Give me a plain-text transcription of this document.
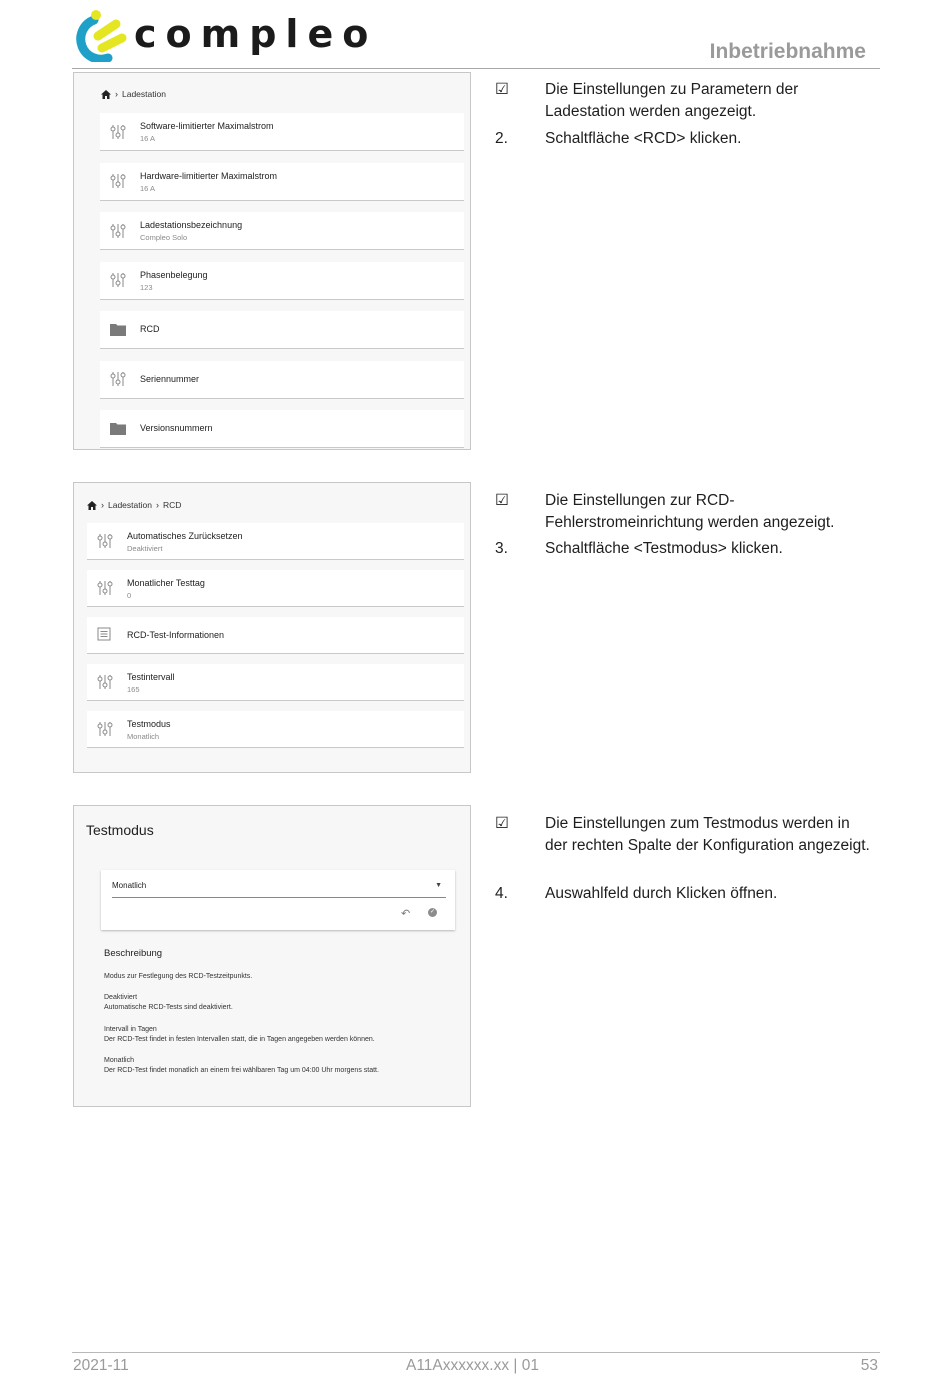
compleo	Inbetriebnahme
› Ladestation
Software-limitierter Maximalstrom
16 A
Hardware-limitierter Maximalstrom
16 A
Ladestationsbezeichnung
Compleo Solo
Phasenbelegung
123
RCD
Seriennummer
Versionsnummern
› Ladestation › RCD
Automatisches Zurücksetzen
Deaktiviert
Monatlicher Testtag
0
RCD-Test-Informationen
Testintervall
165
Testmodus
Monatlich
Testmodus
Monatlich	▼
↶	✓
Beschreibung
Modus zur Festlegung des RCD-Testzeitpunkts.
Deaktiviert
Automatische RCD-Tests sind deaktiviert.
Intervall in Tagen
Der RCD-Test findet in festen Intervallen statt, die in Tagen angegeben werden können.
Monatlich
Der RCD-Test findet monatlich an einem frei wählbaren Tag um 04:00 Uhr morgens statt.
☑	Die Einstellungen zu Parametern der Ladestation werden angezeigt.
2.	Schaltfläche <RCD> klicken.
☑	Die Einstellungen zur RCD-Fehlerstromeinrichtung werden angezeigt.
3.	Schaltfläche <Testmodus> klicken.
☑	Die Einstellungen zum Testmodus werden in der rechten Spalte der Konfiguration angezeigt.
4.	Auswahlfeld durch Klicken öffnen.
2021-11	A11Axxxxxx.xx | 01	53
